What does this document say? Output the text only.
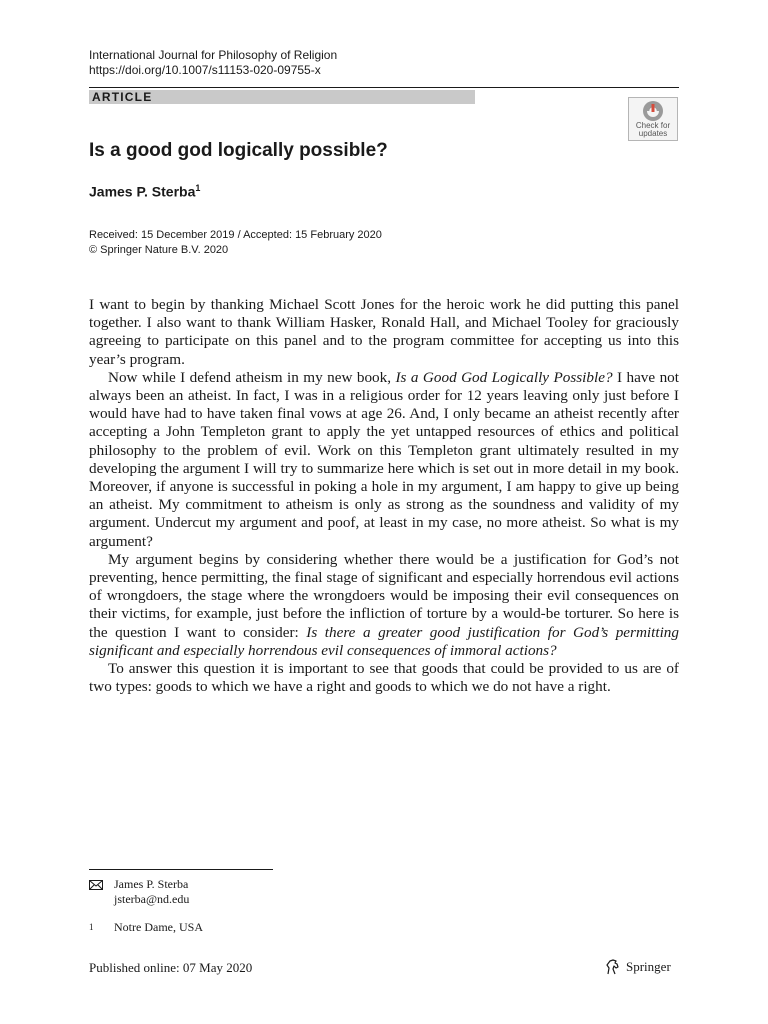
International Journal for Philosophy of Religion
https://doi.org/10.1007/s11153-020-09755-x
ARTICLE
Check for
updates
Is a good god logically possible?
James P. Sterba$^1$
Received: 15 December 2019 / Accepted: 15 February 2020
© Springer Nature B.V. 2020

I want to begin by thanking Michael Scott Jones for the heroic work he did putting this panel together. I also want to thank William Hasker, Ronald Hall, and Michael Tooley for graciously agreeing to participate on this panel and to the program committee for accepting us into this year’s program.

Now while I defend atheism in my new book, Is a Good God Logically Possible? I have not always been an atheist. In fact, I was in a religious order for 12 years leaving only just before I would have had to have taken final vows at age 26. And, I only became an atheist recently after accepting a John Templeton grant to apply the yet untapped resources of ethics and political philosophy to the problem of evil. Work on this Templeton grant ultimately resulted in my developing the argument I will try to summarize here which is set out in more detail in my book. Moreover, if anyone is successful in poking a hole in my argument, I am happy to give up being an atheist. My commitment to atheism is only as strong as the soundness and validity of my argument. Undercut my argument and poof, at least in my case, no more atheist. So what is my argument?

My argument begins by considering whether there would be a justification for God’s not preventing, hence permitting, the final stage of significant and especially horrendous evil actions of wrongdoers, the stage where the wrongdoers would be imposing their evil consequences on their victims, for example, just before the infliction of torture by a would-be torturer. So here is the question I want to consider: Is there a greater good justification for God’s permitting significant and especially horrendous evil consequences of immoral actions?

To answer this question it is important to see that goods that could be provided to us are of two types: goods to which we have a right and goods to which we do not have a right.

James P. Sterba
jsterba@nd.edu
1 Notre Dame, USA
Published online: 07 May 2020	Springer
